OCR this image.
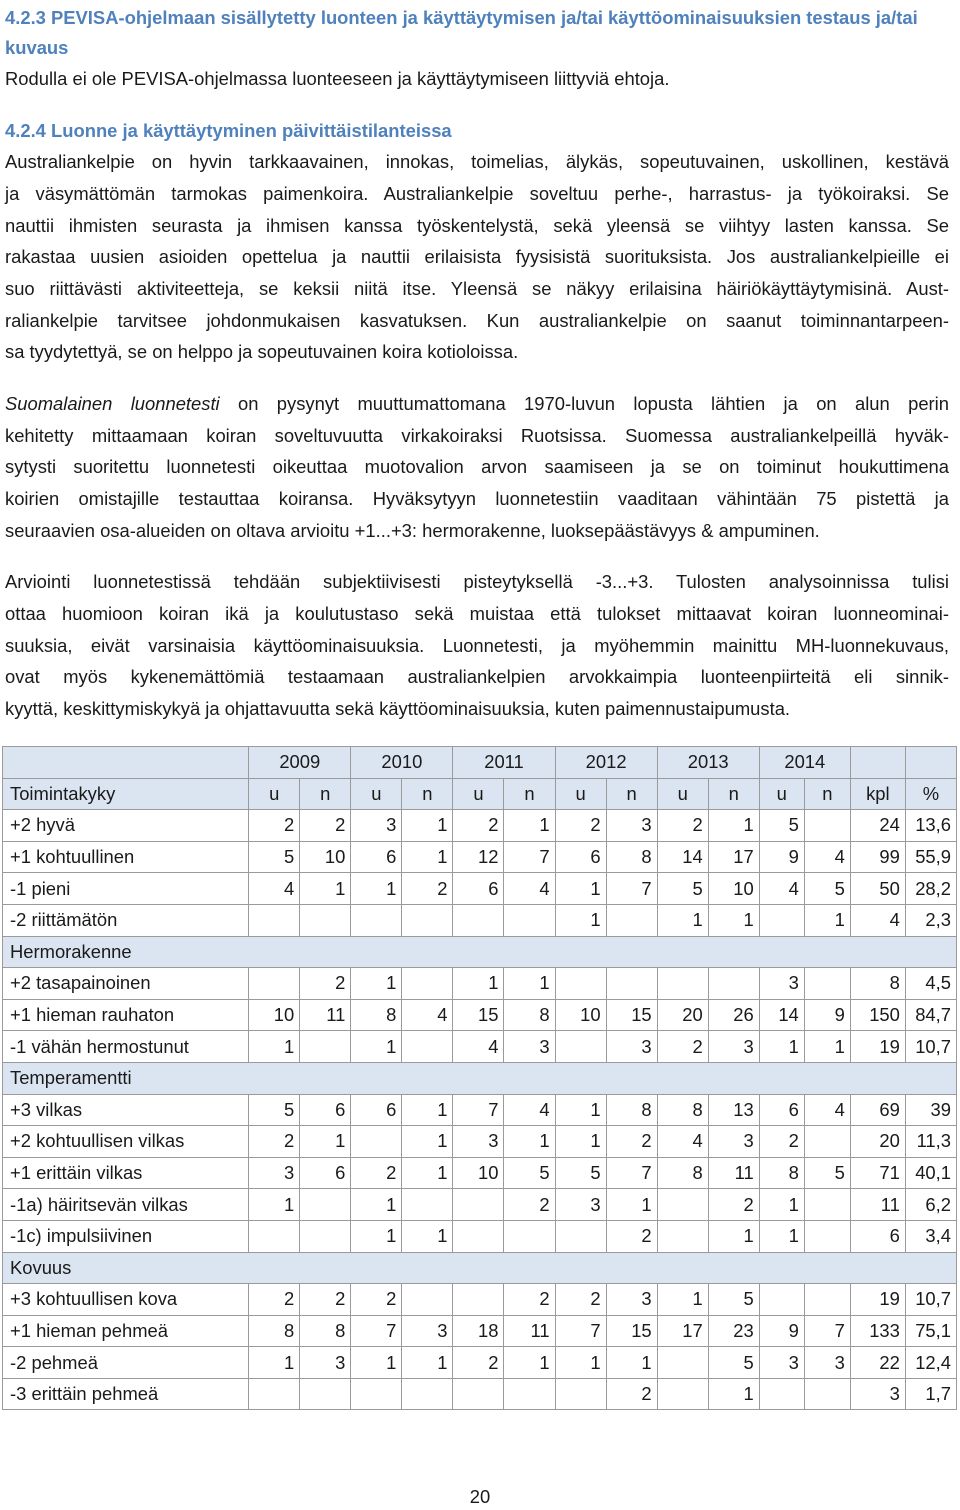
4.2.3 PEVISA-ohjelmaan sisällytetty luonteen ja käyttäytymisen ja/tai käyttöominaisuuksien testaus ja/tai kuvaus

Rodulla ei ole PEVISA-ohjelmassa luonteeseen ja käyttäytymiseen liittyviä ehtoja.

4.2.4 Luonne ja käyttäytyminen päivittäistilanteissa

Australiankelpie on hyvin tarkkaavainen, innokas, toimelias, älykäs, sopeutuvainen, uskollinen, kestävä

ja väsymättömän tarmokas paimenkoira. Australiankelpie soveltuu perhe-, harrastus- ja työkoiraksi. Se

nauttii ihmisten seurasta ja ihmisen kanssa työskentelystä, sekä yleensä se viihtyy lasten kanssa. Se

rakastaa uusien asioiden opettelua ja nauttii erilaisista fyysisistä suorituksista. Jos australiankelpieille ei

suo riittävästi aktiviteetteja, se keksii niitä itse. Yleensä se näkyy erilaisina häiriökäyttäytymisinä. Aust-

raliankelpie tarvitsee johdonmukaisen kasvatuksen. Kun australiankelpie on saanut toiminnantarpeen-

sa tyydytettyä, se on helppo ja sopeutuvainen koira kotioloissa.

Suomalainen luonnetesti on pysynyt muuttumattomana 1970-luvun lopusta lähtien ja on alun perin

kehitetty mittaamaan koiran soveltuvuutta virkakoiraksi Ruotsissa. Suomessa australiankelpeillä hyväk-

sytysti suoritettu luonnetesti oikeuttaa muotovalion arvon saamiseen ja se on toiminut houkuttimena

koirien omistajille testauttaa koiransa. Hyväksytyyn luonnetestiin vaaditaan vähintään 75 pistettä ja

seuraavien osa-alueiden on oltava arvioitu +1...+3: hermorakenne, luoksepäästävyys & ampuminen.

Arviointi luonnetestissä tehdään subjektiivisesti pisteytyksellä -3...+3. Tulosten analysoinnissa tulisi

ottaa huomioon koiran ikä ja koulutustaso sekä muistaa että tulokset mittaavat koiran luonneominai-

suuksia, eivät varsinaisia käyttöominaisuuksia. Luonnetesti, ja myöhemmin mainittu MH-luonnekuvaus,

ovat myös kykenemättömiä testaamaan australiankelpien arvokkaimpia luonteenpiirteitä eli sinnik-

kyyttä, keskittymiskykyä ja ohjattavuutta sekä käyttöominaisuuksia, kuten paimennustaipumusta.

	2009		2010		2011		2012		2013		2014			
Toimintakyky	u	n	u	n	u	n	u	n	u	n	u	n	kpl	%
+2 hyvä	2	2	3	1	2	1	2	3	2	1	5		24	13,6
+1 kohtuullinen	5	10	6	1	12	7	6	8	14	17	9	4	99	55,9
-1 pieni	4	1	1	2	6	4	1	7	5	10	4	5	50	28,2
-2 riittämätön							1		1	1		1	4	2,3
Hermorakenne														
+2 tasapainoinen		2	1		1	1					3		8	4,5
+1 hieman rauhaton	10	11	8	4	15	8	10	15	20	26	14	9	150	84,7
-1 vähän hermostunut	1		1		4	3		3	2	3	1	1	19	10,7
Temperamentti														
+3 vilkas	5	6	6	1	7	4	1	8	8	13	6	4	69	39
+2 kohtuullisen vilkas	2	1		1	3	1	1	2	4	3	2		20	11,3
+1 erittäin vilkas	3	6	2	1	10	5	5	7	8	11	8	5	71	40,1
-1a) häiritsevän vilkas	1		1			2	3	1		2	1		11	6,2
-1c) impulsiivinen			1	1				2		1	1		6	3,4
Kovuus														
+3 kohtuullisen kova	2	2	2			2	2	3	1	5			19	10,7
+1 hieman pehmeä	8	8	7	3	18	11	7	15	17	23	9	7	133	75,1
-2 pehmeä	1	3	1	1	2	1	1	1		5	3	3	22	12,4
-3 erittäin pehmeä								2		1			3	1,7
20
